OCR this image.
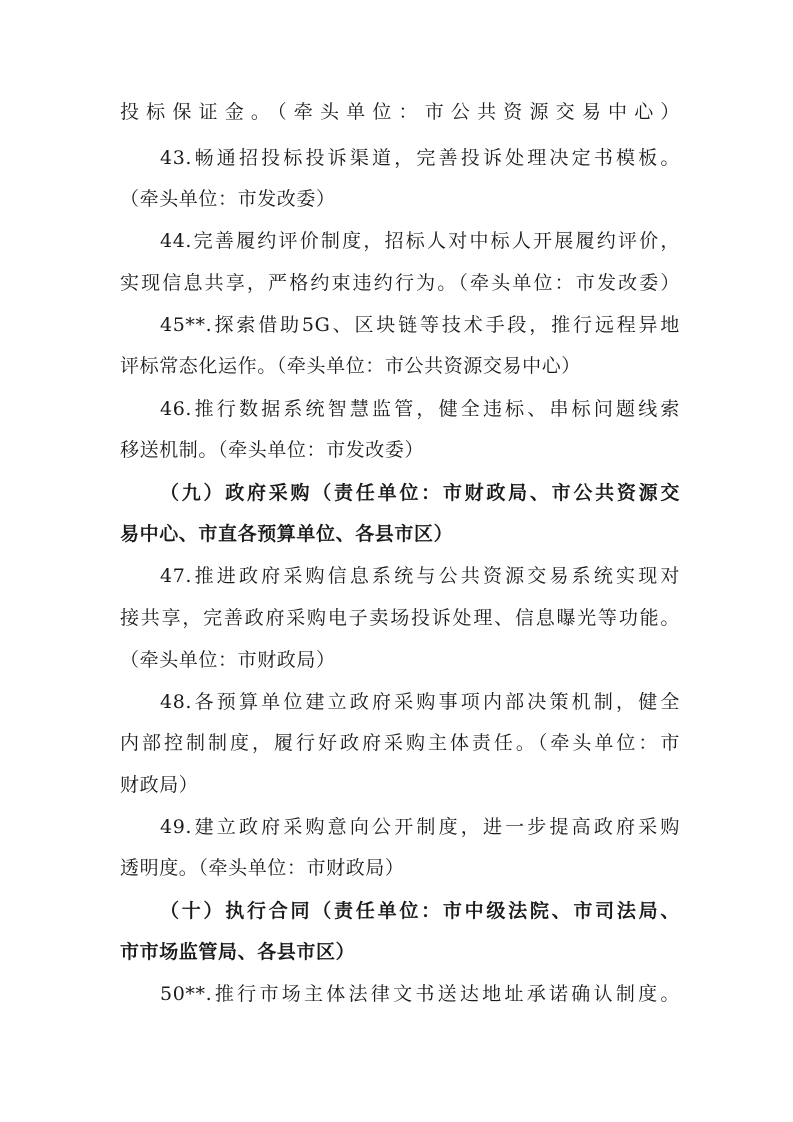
投标保证金。（牵头单位：市公共资源交易中心）
43.畅通招投标投诉渠道，完善投诉处理决定书模板。
（牵头单位：市发改委）
44.完善履约评价制度，招标人对中标人开展履约评价，
实现信息共享，严格约束违约行为。（牵头单位：市发改委）
45**.探索借助5G、区块链等技术手段，推行远程异地
评标常态化运作。（牵头单位：市公共资源交易中心）
46.推行数据系统智慧监管，健全违标、串标问题线索
移送机制。（牵头单位：市发改委）
（九）政府采购（责任单位：市财政局、市公共资源交
易中心、市直各预算单位、各县市区）
47.推进政府采购信息系统与公共资源交易系统实现对
接共享，完善政府采购电子卖场投诉处理、信息曝光等功能。
（牵头单位：市财政局）
48.各预算单位建立政府采购事项内部决策机制，健全
内部控制制度，履行好政府采购主体责任。（牵头单位：市
财政局）
49.建立政府采购意向公开制度，进一步提高政府采购
透明度。（牵头单位：市财政局）
（十）执行合同（责任单位：市中级法院、市司法局、
市市场监管局、各县市区）
50**.推行市场主体法律文书送达地址承诺确认制度。
